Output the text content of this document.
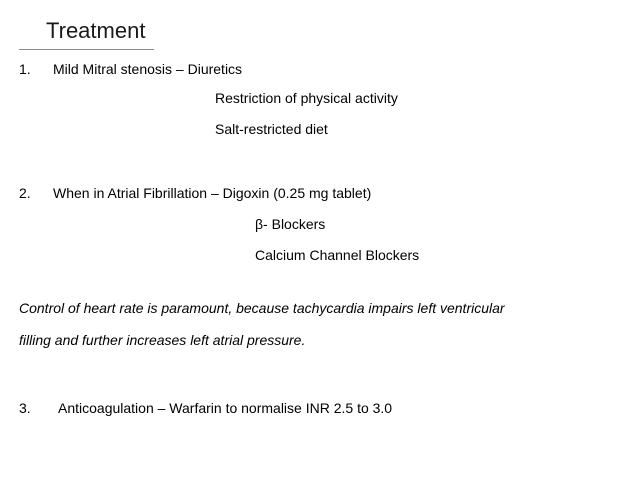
Treatment
1. Mild Mitral stenosis – Diuretics
Restriction of physical activity
Salt-restricted diet
2. When in Atrial Fibrillation – Digoxin (0.25 mg tablet)
β- Blockers
Calcium Channel Blockers
Control of heart rate is paramount, because tachycardia impairs left ventricular
filling and further increases left atrial pressure.
3. Anticoagulation – Warfarin to normalise INR 2.5 to 3.0
